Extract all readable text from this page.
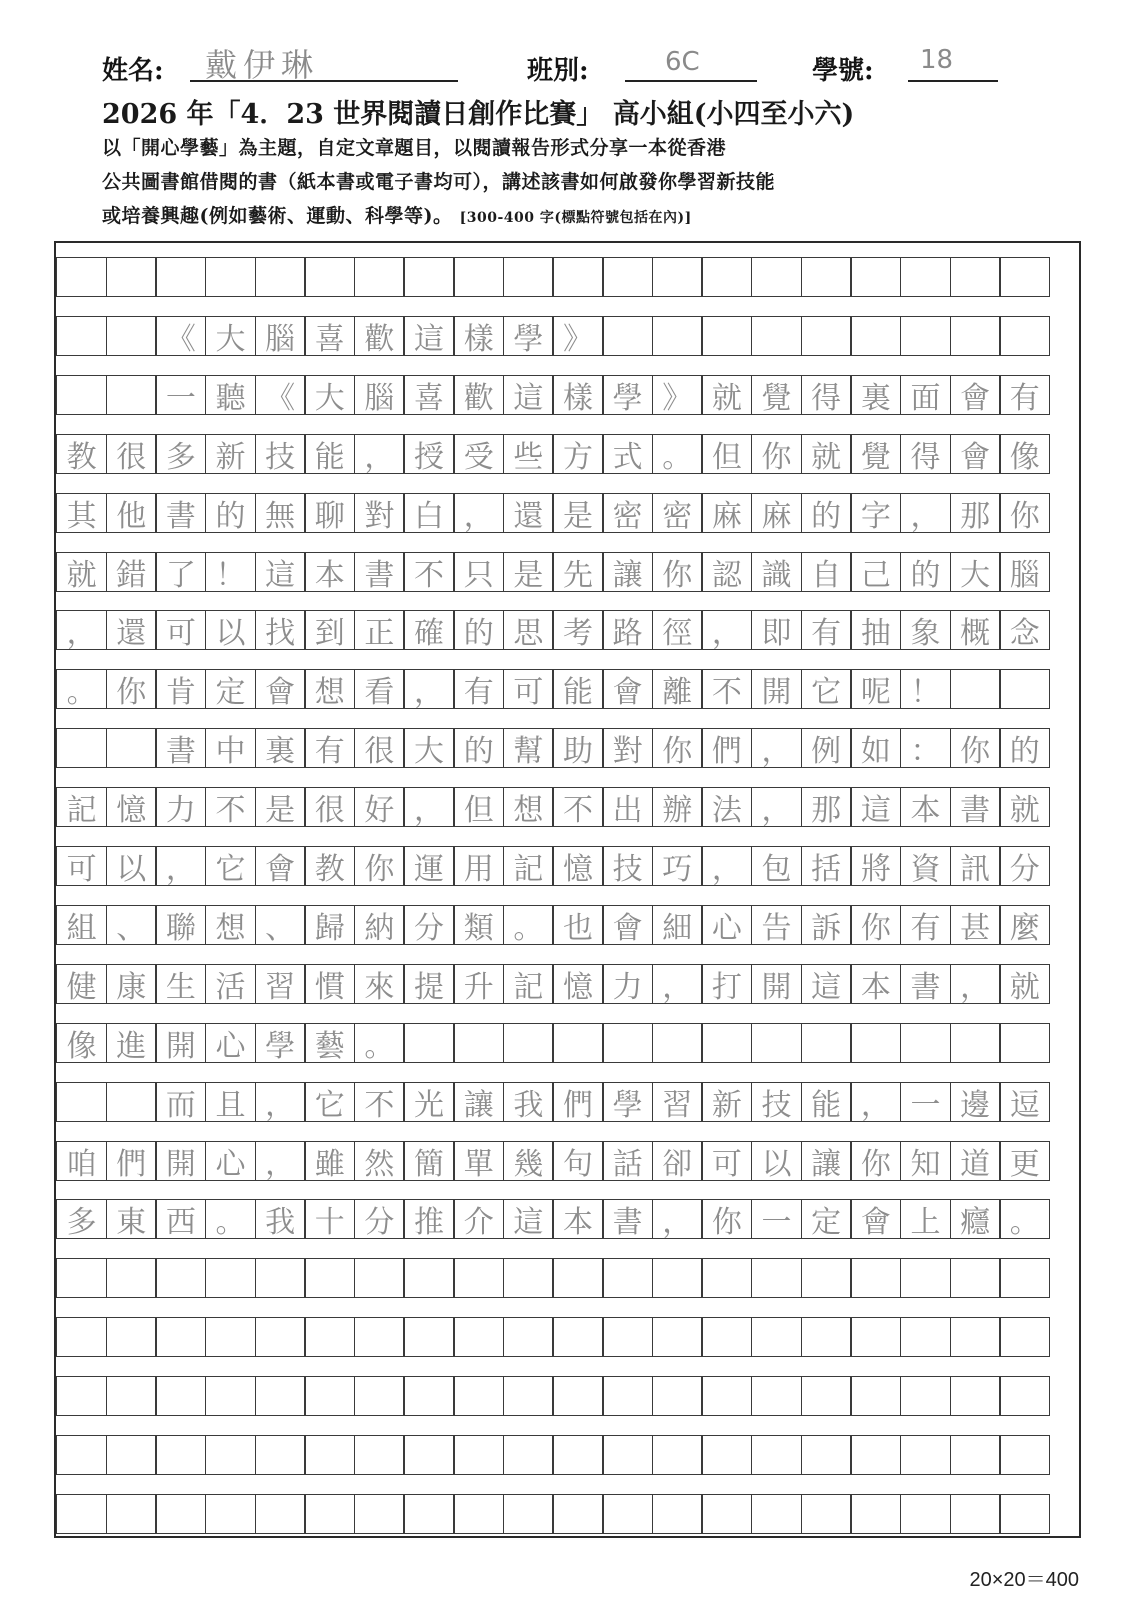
姓名: 戴伊琳	班別:	6C	學號: 18
2026 年「4．23 世界閱讀日創作比賽」 高小組(小四至小六)
以「開心學藝」為主題，自定文章題目，以閱讀報告形式分享一本從香港
公共圖書館借閱的書（紙本書或電子書均可），講述該書如何啟發你學習新技能
或培養興趣(例如藝術、運動、科學等)。 [300-400 字(標點符號包括在內)]
《 大 腦 喜 歡 這 樣 學 》
一 聽 《 大 腦 喜 歡 這 樣 學 》 就 覺 得 裏 面 會 有
教 很 多 新 技 能 ， 授 受 些 方 式 。 但 你 就 覺 得 會 像
其 他 書 的 無 聊 對 白 ， 還 是 密 密 麻 麻 的 字 ， 那 你
就 錯 了 ！ 這 本 書 不 只 是 先 讓 你 認 識 自 己 的 大 腦
， 還 可 以 找 到 正 確 的 思 考 路 徑 ， 即 有 抽 象 概 念
。 你 肯 定 會 想 看 ， 有 可 能 會 離 不 開 它 呢 ！
書 中 裏 有 很 大 的 幫 助 對 你 們 ， 例 如 ： 你 的
記 憶 力 不 是 很 好 ， 但 想 不 出 辦 法 ， 那 這 本 書 就
可 以 ， 它 會 教 你 運 用 記 憶 技 巧 ， 包 括 將 資 訊 分
組 、 聯 想 、 歸 納 分 類 。 也 會 細 心 告 訴 你 有 甚 麼
健 康 生 活 習 慣 來 提 升 記 憶 力 ， 打 開 這 本 書 ， 就
像 進 開 心 學 藝 。
而 且 ， 它 不 光 讓 我 們 學 習 新 技 能 ， 一 邊 逗
咱 們 開 心 ， 雖 然 簡 單 幾 句 話 卻 可 以 讓 你 知 道 更
多 東 西 。 我 十 分 推 介 這 本 書 ， 你 一 定 會 上 癮 。
20×20＝400
